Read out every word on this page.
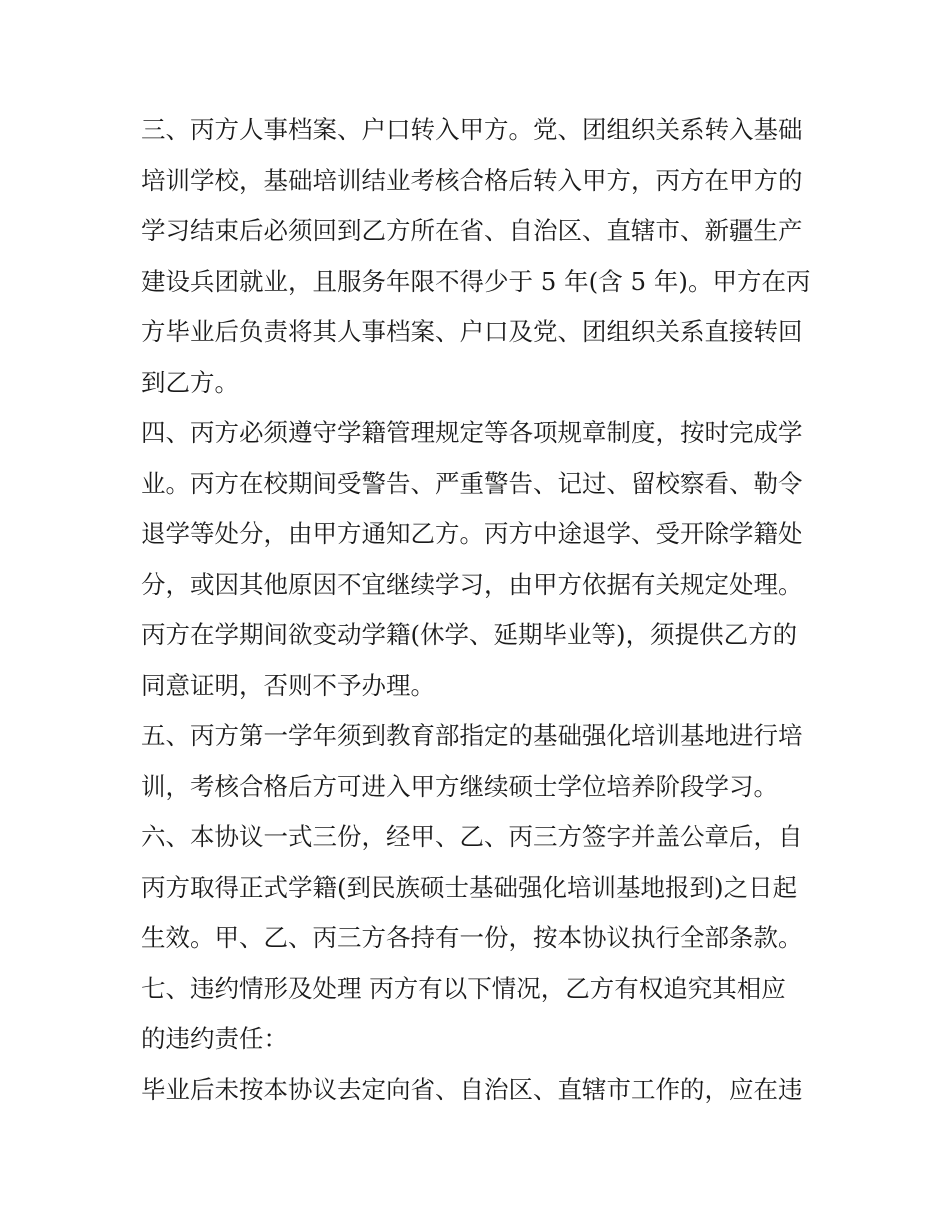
三、丙方人事档案、户口转入甲方。党、团组织关系转入基础
培训学校，基础培训结业考核合格后转入甲方，丙方在甲方的
学习结束后必须回到乙方所在省、自治区、直辖市、新疆生产
建设兵团就业，且服务年限不得少于 5 年(含 5 年)。甲方在丙
方毕业后负责将其人事档案、户口及党、团组织关系直接转回
到乙方。
四、丙方必须遵守学籍管理规定等各项规章制度，按时完成学
业。丙方在校期间受警告、严重警告、记过、留校察看、勒令
退学等处分，由甲方通知乙方。丙方中途退学、受开除学籍处
分，或因其他原因不宜继续学习，由甲方依据有关规定处理。
丙方在学期间欲变动学籍(休学、延期毕业等)，须提供乙方的
同意证明，否则不予办理。
五、丙方第一学年须到教育部指定的基础强化培训基地进行培
训，考核合格后方可进入甲方继续硕士学位培养阶段学习。
六、本协议一式三份，经甲、乙、丙三方签字并盖公章后，自
丙方取得正式学籍(到民族硕士基础强化培训基地报到)之日起
生效。甲、乙、丙三方各持有一份，按本协议执行全部条款。
七、违约情形及处理 丙方有以下情况，乙方有权追究其相应
的违约责任：
毕业后未按本协议去定向省、自治区、直辖市工作的，应在违
